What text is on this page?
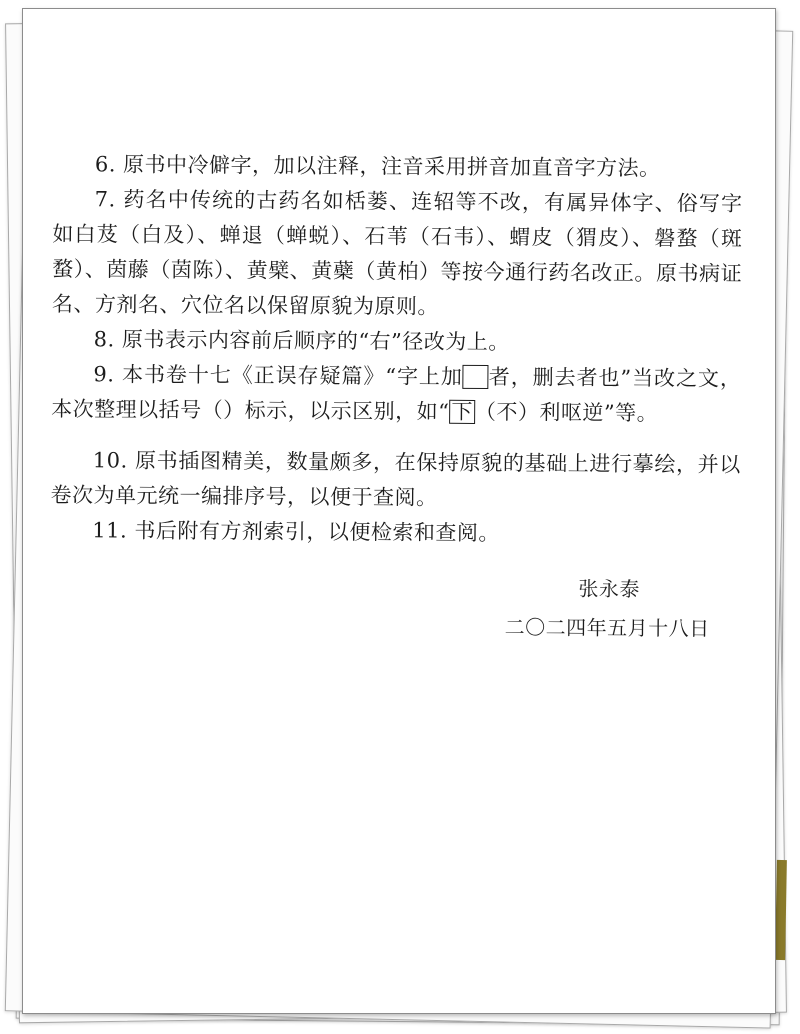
6. 原书中冷僻字，加以注释，注音采用拼音加直音字方法。

7. 药名中传统的古药名如栝蒌、连轺等不改，有属异体字、俗写字如白芨（白及）、蝉退（蝉蜕）、石苇（石韦）、蝟皮（猬皮）、磐蝥（斑蝥）、茵藤（茵陈）、黄檗、黄蘗（黄柏）等按今通行药名改正。原书病证名、方剂名、穴位名以保留原貌为原则。

8. 原书表示内容前后顺序的“右”径改为上。

9. 本书卷十七《正误存疑篇》“字上加​   者，删去者也”当改之文，本次整理以括号（）标示，以示区别，如“下（不）利呕逆”等。

10. 原书插图精美，数量颇多，在保持原貌的基础上进行摹绘，并以卷次为单元统一编排序号，以便于查阅。

11. 书后附有方剂索引，以便检索和查阅。

张永泰
二〇二四年五月十八日
